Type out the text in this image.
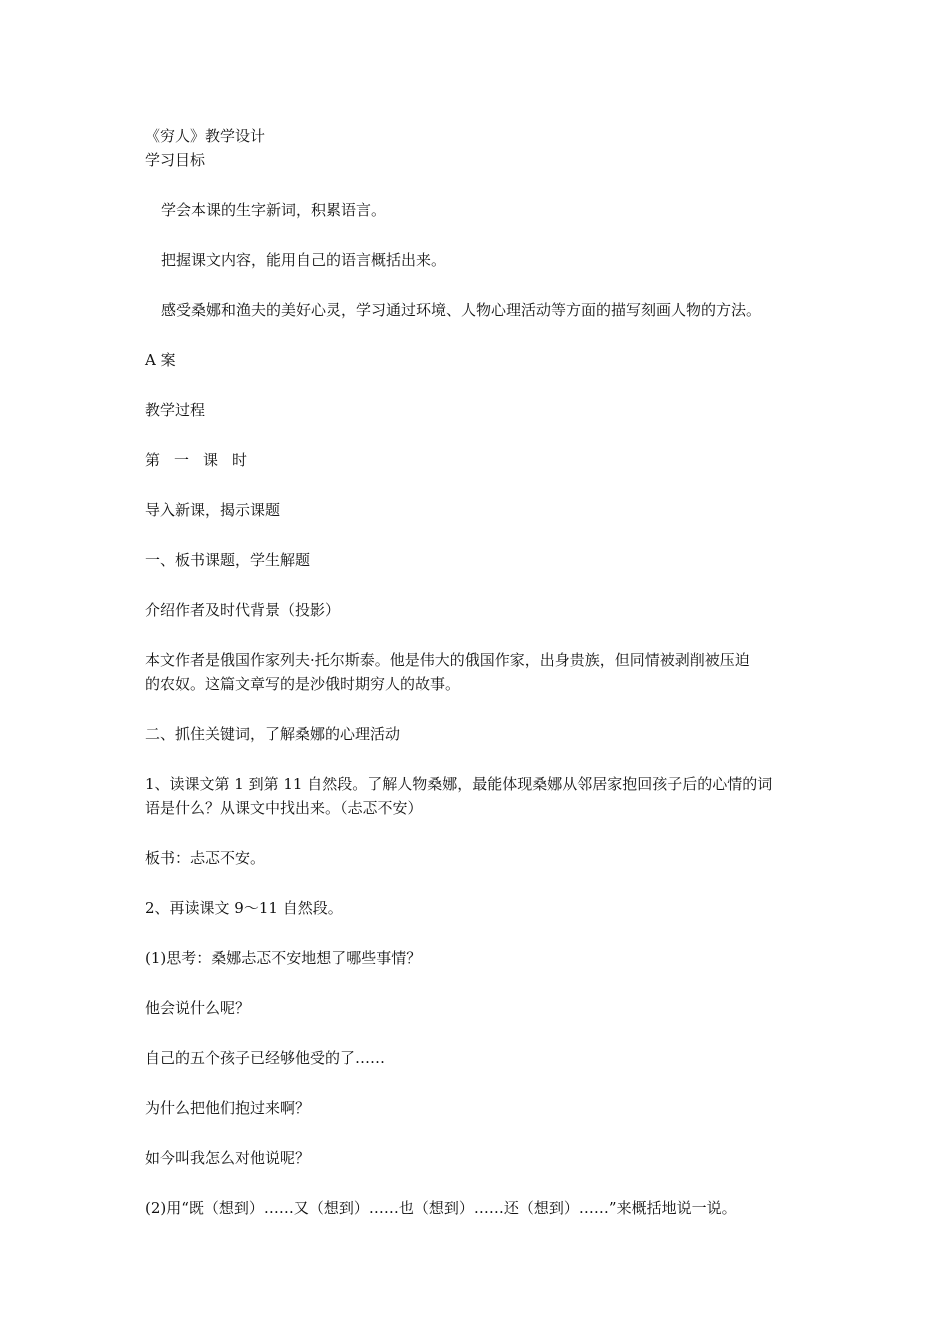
《穷人》教学设计

学习目标

学会本课的生字新词，积累语言。

把握课文内容，能用自己的语言概括出来。

感受桑娜和渔夫的美好心灵，学习通过环境、人物心理活动等方面的描写刻画人物的方法。

A 案

教学过程

第一课时

导入新课，揭示课题

一、板书课题，学生解题

介绍作者及时代背景（投影）

本文作者是俄国作家列夫·托尔斯泰。他是伟大的俄国作家，出身贵族，但同情被剥削被压迫

的农奴。这篇文章写的是沙俄时期穷人的故事。

二、抓住关键词，了解桑娜的心理活动

1、读课文第 1 到第 11 自然段。了解人物桑娜，最能体现桑娜从邻居家抱回孩子后的心情的词

语是什么？从课文中找出来。（忐忑不安）

板书：忐忑不安。

2、再读课文 9～11 自然段。

(1)思考：桑娜忐忑不安地想了哪些事情？

他会说什么呢？

自己的五个孩子已经够他受的了……

为什么把他们抱过来啊？

如今叫我怎么对他说呢？

(2)用“既（想到）……又（想到）……也（想到）……还（想到）……”来概括地说一说。
